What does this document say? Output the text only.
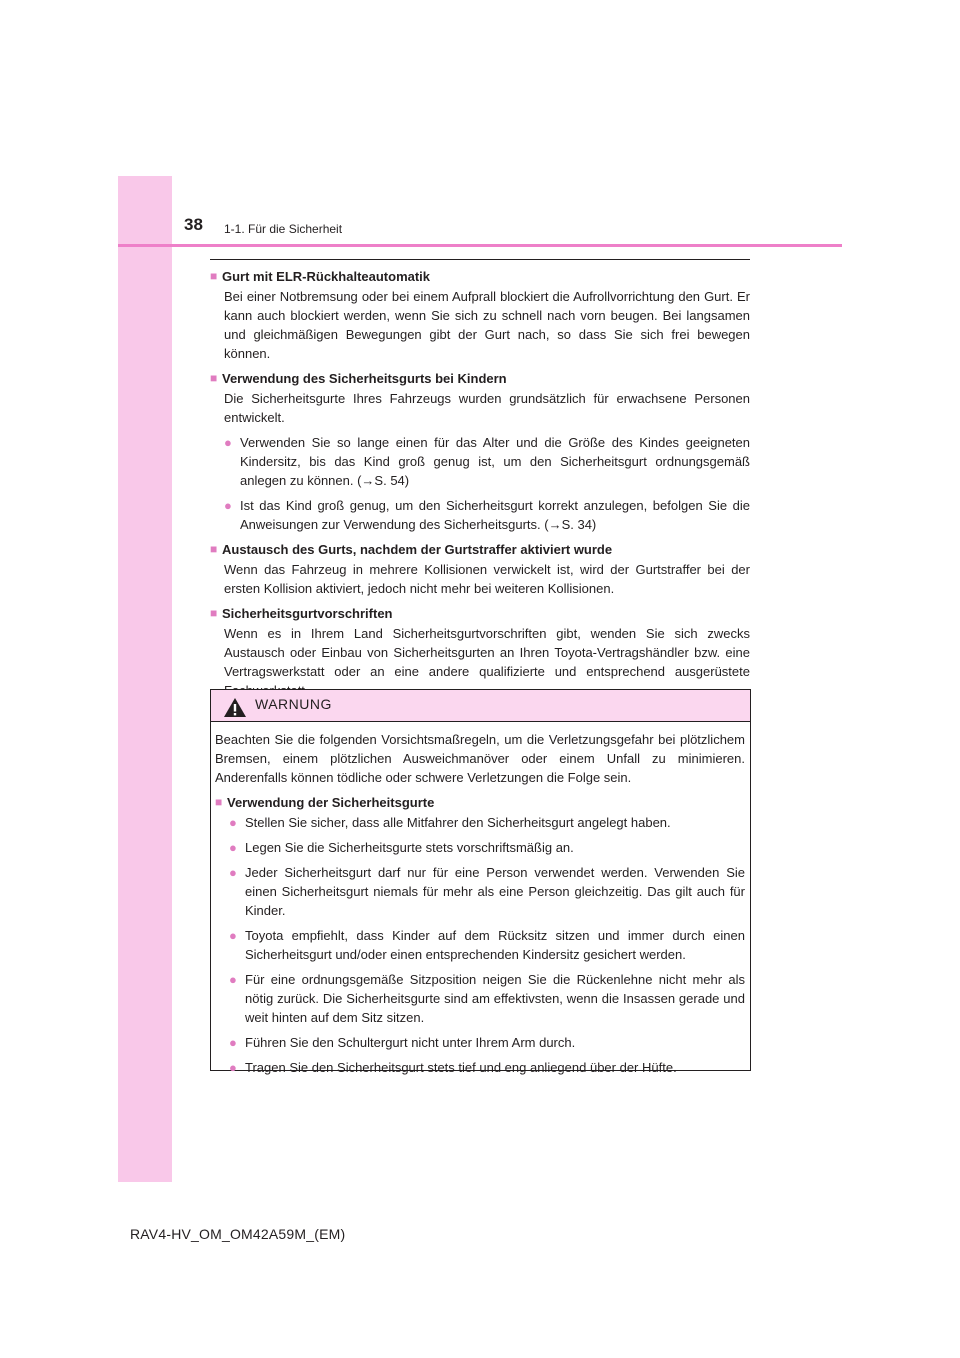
38 1-1. Für die Sicherheit
■ Gurt mit ELR-Rückhalteautomatik
Bei einer Notbremsung oder bei einem Aufprall blockiert die Aufrollvorrichtung den Gurt. Er kann auch blockiert werden, wenn Sie sich zu schnell nach vorn beugen. Bei langsamen und gleichmäßigen Bewegungen gibt der Gurt nach, so dass Sie sich frei bewegen können.
■ Verwendung des Sicherheitsgurts bei Kindern
Die Sicherheitsgurte Ihres Fahrzeugs wurden grundsätzlich für erwachsene Personen entwickelt.
● Verwenden Sie so lange einen für das Alter und die Größe des Kindes geeigneten Kindersitz, bis das Kind groß genug ist, um den Sicherheitsgurt ordnungsgemäß anlegen zu können. (→S. 54)
● Ist das Kind groß genug, um den Sicherheitsgurt korrekt anzulegen, befolgen Sie die Anweisungen zur Verwendung des Sicherheitsgurts. (→S. 34)
■ Austausch des Gurts, nachdem der Gurtstraffer aktiviert wurde
Wenn das Fahrzeug in mehrere Kollisionen verwickelt ist, wird der Gurtstraffer bei der ersten Kollision aktiviert, jedoch nicht mehr bei weiteren Kollisionen.
■ Sicherheitsgurtvorschriften
Wenn es in Ihrem Land Sicherheitsgurtvorschriften gibt, wenden Sie sich zwecks Austausch oder Einbau von Sicherheitsgurten an Ihren Toyota-Vertragshändler bzw. eine Vertragswerkstatt oder an eine andere qualifizierte und entsprechend ausgerüstete
WARNUNG
Beachten Sie die folgenden Vorsichtsmaßregeln, um die Verletzungsgefahr bei plötzlichem Bremsen, einem plötzlichen Ausweichmanöver oder einem Unfall zu minimieren. Anderenfalls können tödliche oder schwere Verletzungen die Folge sein.
■ Verwendung der Sicherheitsgurte
● Stellen Sie sicher, dass alle Mitfahrer den Sicherheitsgurt angelegt haben.
● Legen Sie die Sicherheitsgurte stets vorschriftsmäßig an.
● Jeder Sicherheitsgurt darf nur für eine Person verwendet werden. Verwenden Sie einen Sicherheitsgurt niemals für mehr als eine Person gleichzeitig. Das gilt auch für Kinder.
● Toyota empfiehlt, dass Kinder auf dem Rücksitz sitzen und immer durch einen Sicherheitsgurt und/oder einen entsprechenden Kindersitz gesichert werden.
● Für eine ordnungsgemäße Sitzposition neigen Sie die Rückenlehne nicht mehr als nötig zurück. Die Sicherheitsgurte sind am effektivsten, wenn die Insassen gerade und weit hinten auf dem Sitz sitzen.
● Führen Sie den Schultergurt nicht unter Ihrem Arm durch.
● Tragen Sie den Sicherheitsgurt stets tief und eng anliegend über der Hüfte.
RAV4-HV_OM_OM42A59M_(EM)
